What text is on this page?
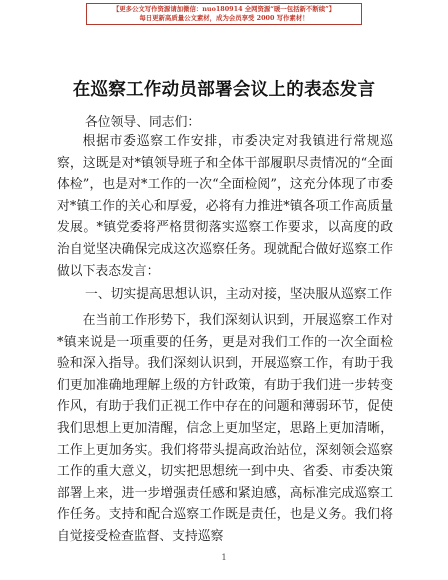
【更多公文写作资源请加微信：nuo180914 全网资源“暖一包括新不断续”】
每日更新高质量公文素材，成为会员享受 2000 写作素材！
在巡察工作动员部署会议上的表态发言
各位领导、同志们：

根据市委巡察工作安排，市委决定对我镇进行常规巡察，这既是对*镇领导班子和全体干部履职尽责情况的“全面体检”，也是对*工作的一次“全面检阅”，这充分体现了市委对*镇工作的关心和厚爱，必将有力推进*镇各项工作高质量发展。*镇党委将严格贯彻落实巡察工作要求，以高度的政治自觉坚决确保完成这次巡察任务。现就配合做好巡察工作做以下表态发言：

一、切实提高思想认识，主动对接，坚决服从巡察工作

在当前工作形势下，我们深刻认识到，开展巡察工作对*镇来说是一项重要的任务，更是对我们工作的一次全面检验和深入指导。我们深刻认识到，开展巡察工作，有助于我们更加准确地理解上级的方针政策，有助于我们进一步转变作风，有助于我们正视工作中存在的问题和薄弱环节，促使我们思想上更加清醒，信念上更加坚定，思路上更加清晰，工作上更加务实。我们将带头提高政治站位，深刻领会巡察工作的重大意义，切实把思想统一到中央、省委、市委决策部署上来，进一步增强责任感和紧迫感，高标准完成巡察工作任务。支持和配合巡察工作既是责任，也是义务。我们将自觉接受检查监督、支持巡察

1
